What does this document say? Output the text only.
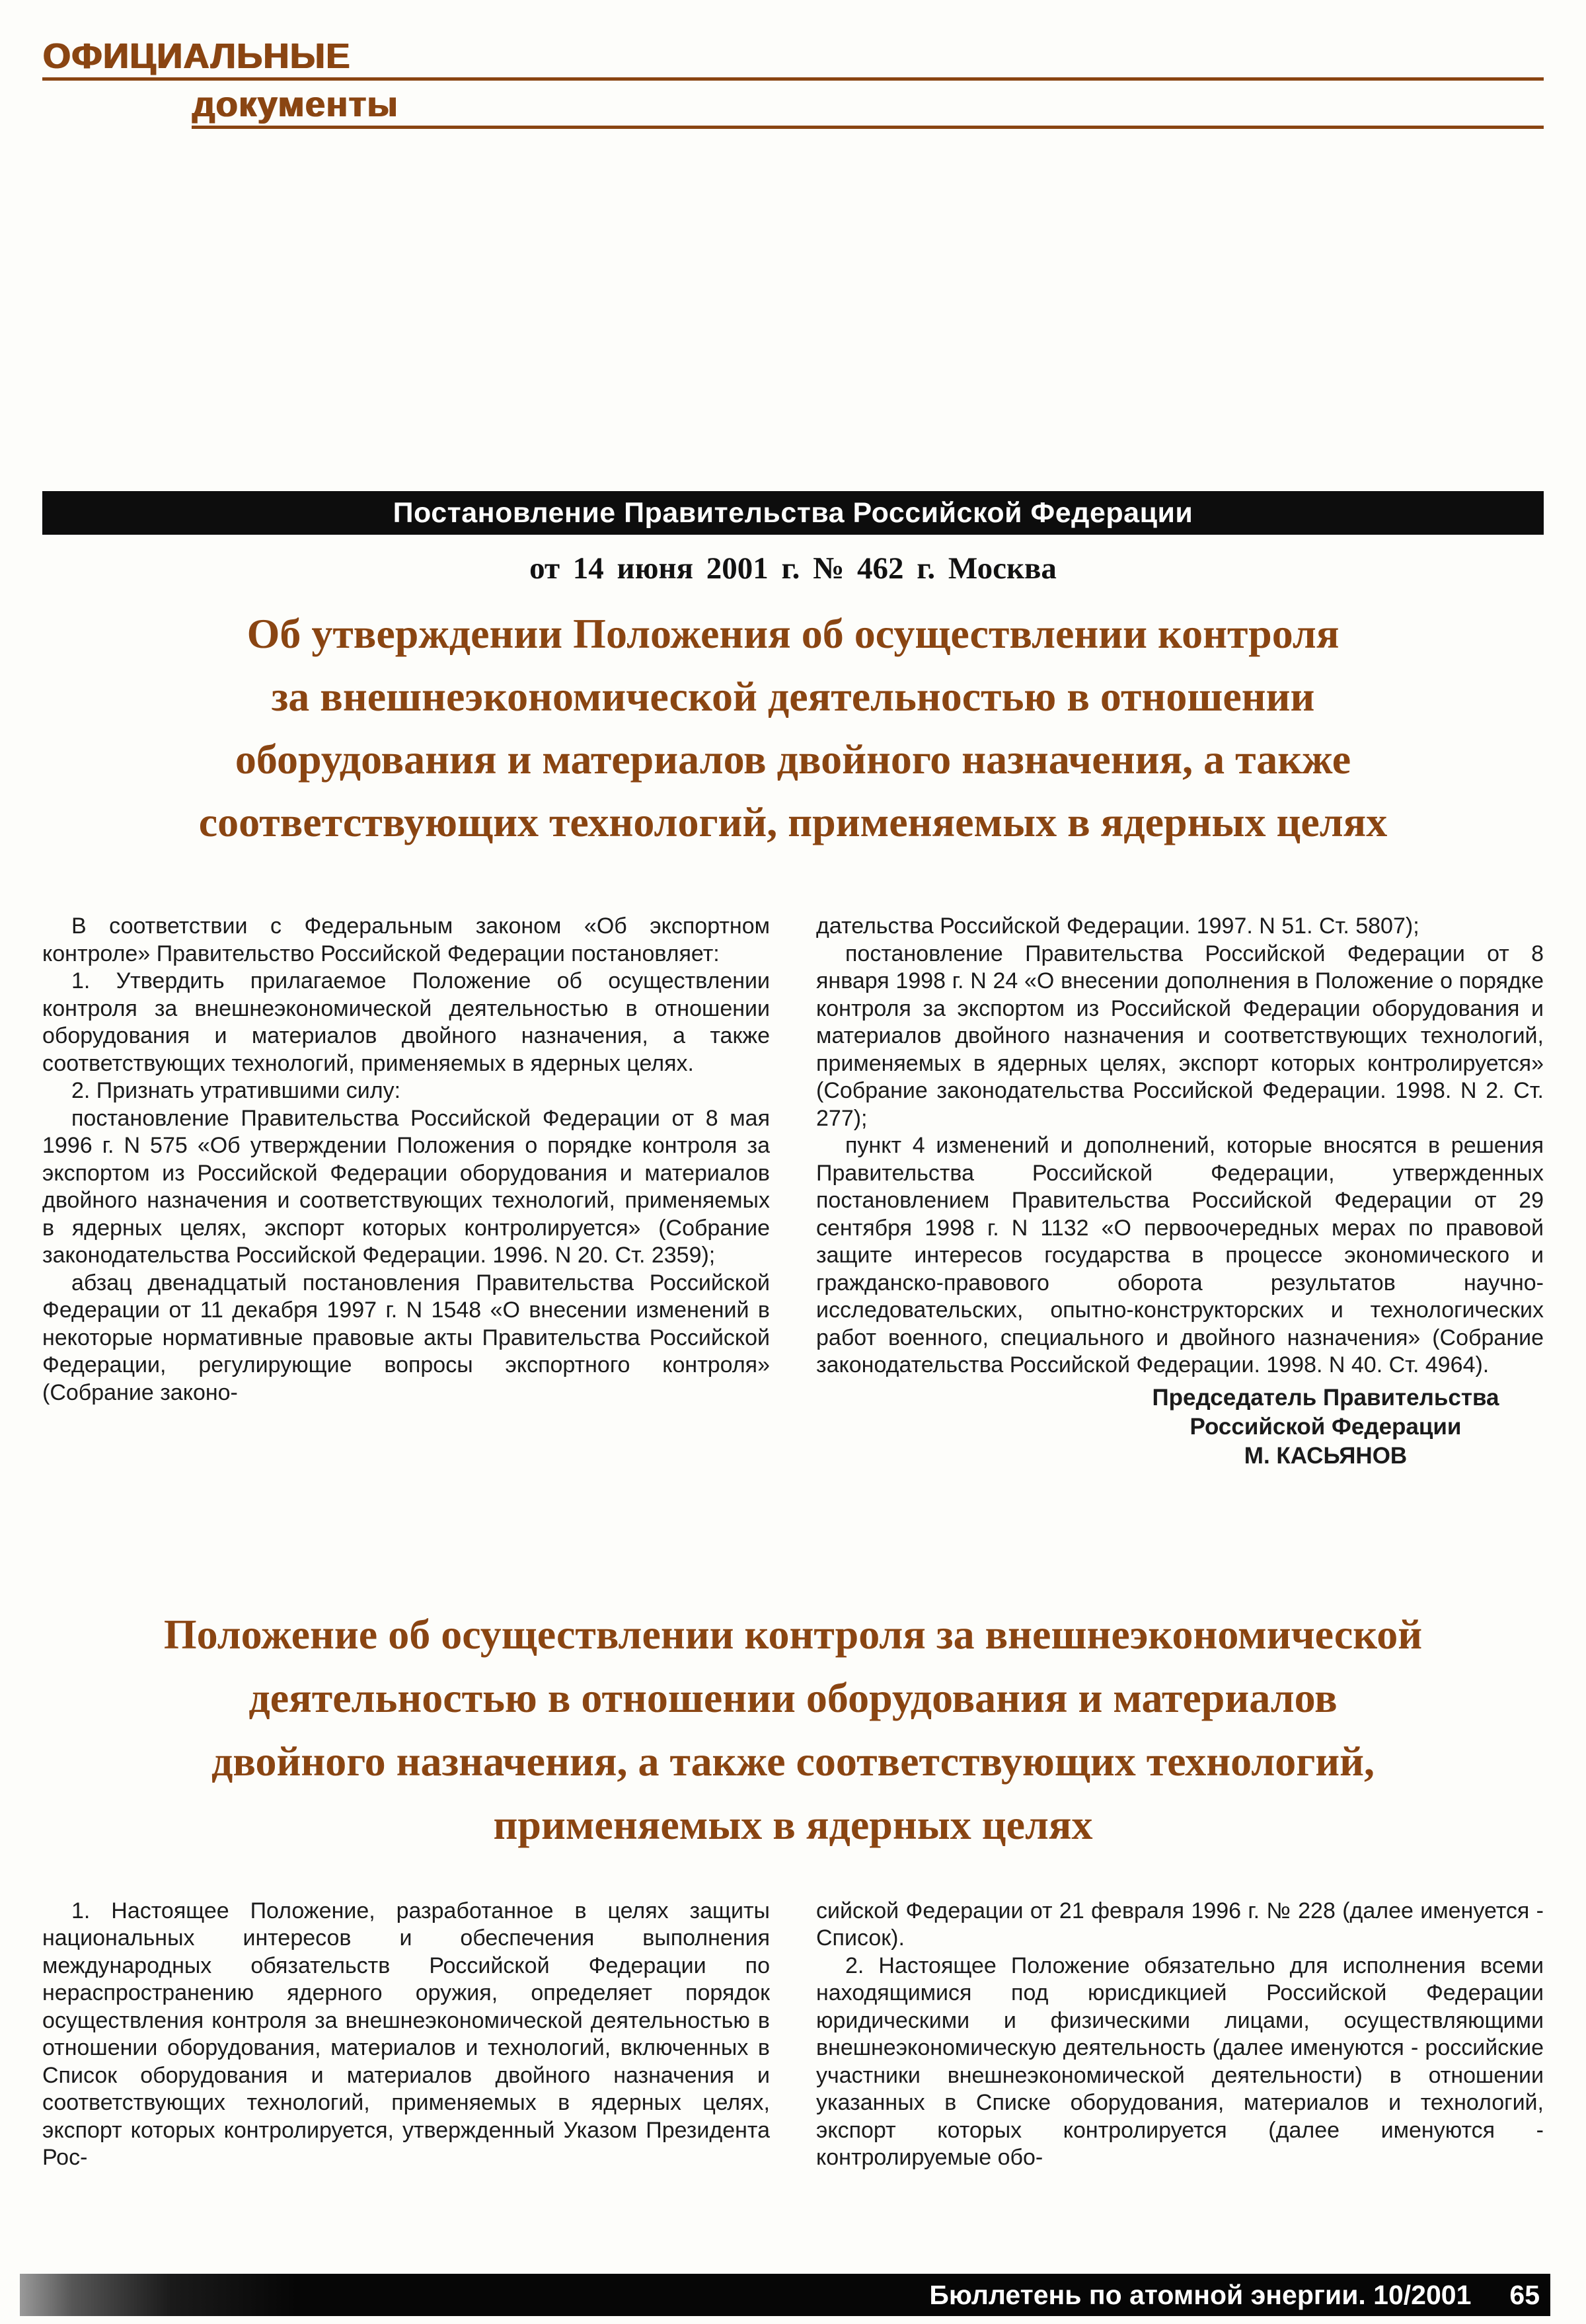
ОФИЦИАЛЬНЫЕ
документы
Постановление Правительства Российской Федерации
от 14 июня 2001 г. № 462 г. Москва
Об утверждении Положения об осуществлении контроля
за внешнеэкономической деятельностью в отношении
оборудования и материалов двойного назначения, а также
соответствующих технологий, применяемых в ядерных целях

В соответствии с Федеральным законом «Об экспортном контроле» Правительство Российской Федерации постановляет:

1. Утвердить прилагаемое Положение об осуществлении контроля за внешнеэкономической деятельностью в отношении оборудования и материалов двойного назначения, а также соответствующих технологий, применяемых в ядерных целях.

2. Признать утратившими силу:

постановление Правительства Российской Федерации от 8 мая 1996 г. N 575 «Об утверждении Положения о порядке контроля за экспортом из Российской Федерации оборудования и материалов двойного назначения и соответствующих технологий, применяемых в ядерных целях, экспорт которых контролируется» (Собрание законодательства Российской Федерации. 1996. N 20. Ст. 2359);

абзац двенадцатый постановления Правительства Российской Федерации от 11 декабря 1997 г. N 1548 «О внесении изменений в некоторые нормативные правовые акты Правительства Российской Федерации, регулирующие вопросы экспортного контроля» (Собрание законо-

дательства Российской Федерации. 1997. N 51. Ст. 5807);

постановление Правительства Российской Федерации от 8 января 1998 г. N 24 «О внесении дополнения в Положение о порядке контроля за экспортом из Российской Федерации оборудования и материалов двойного назначения и соответствующих технологий, применяемых в ядерных целях, экспорт которых контролируется» (Собрание законодательства Российской Федерации. 1998. N 2. Ст. 277);

пункт 4 изменений и дополнений, которые вносятся в решения Правительства Российской Федерации, утвержденных постановлением Правительства Российской Федерации от 29 сентября 1998 г. N 1132 «О первоочередных мерах по правовой защите интересов государства в процессе экономического и гражданско-правового оборота результатов научно-исследовательских, опытно-конструкторских и технологических работ военного, специального и двойного назначения» (Собрание законодательства Российской Федерации. 1998. N 40. Ст. 4964).

Председатель Правительства
Российской Федерации
М. КАСЬЯНОВ
Положение об осуществлении контроля за внешнеэкономической
деятельностью в отношении оборудования и материалов
двойного назначения, а также соответствующих технологий,
применяемых в ядерных целях

1. Настоящее Положение, разработанное в целях защиты национальных интересов и обеспечения выполнения международных обязательств Российской Федерации по нераспространению ядерного оружия, определяет порядок осуществления контроля за внешнеэкономической деятельностью в отношении оборудования, материалов и технологий, включенных в Список оборудования и материалов двойного назначения и соответствующих технологий, применяемых в ядерных целях, экспорт которых контролируется, утвержденный Указом Президента Рос-

сийской Федерации от 21 февраля 1996 г. № 228 (далее именуется - Список).

2. Настоящее Положение обязательно для исполнения всеми находящимися под юрисдикцией Российской Федерации юридическими и физическими лицами, осуществляющими внешнеэкономическую деятельность (далее именуются - российские участники внешнеэкономической деятельности) в отношении указанных в Списке оборудования, материалов и технологий, экспорт которых контролируется (далее именуются - контролируемые обо-

Бюллетень по атомной энергии. 10/2001 65
